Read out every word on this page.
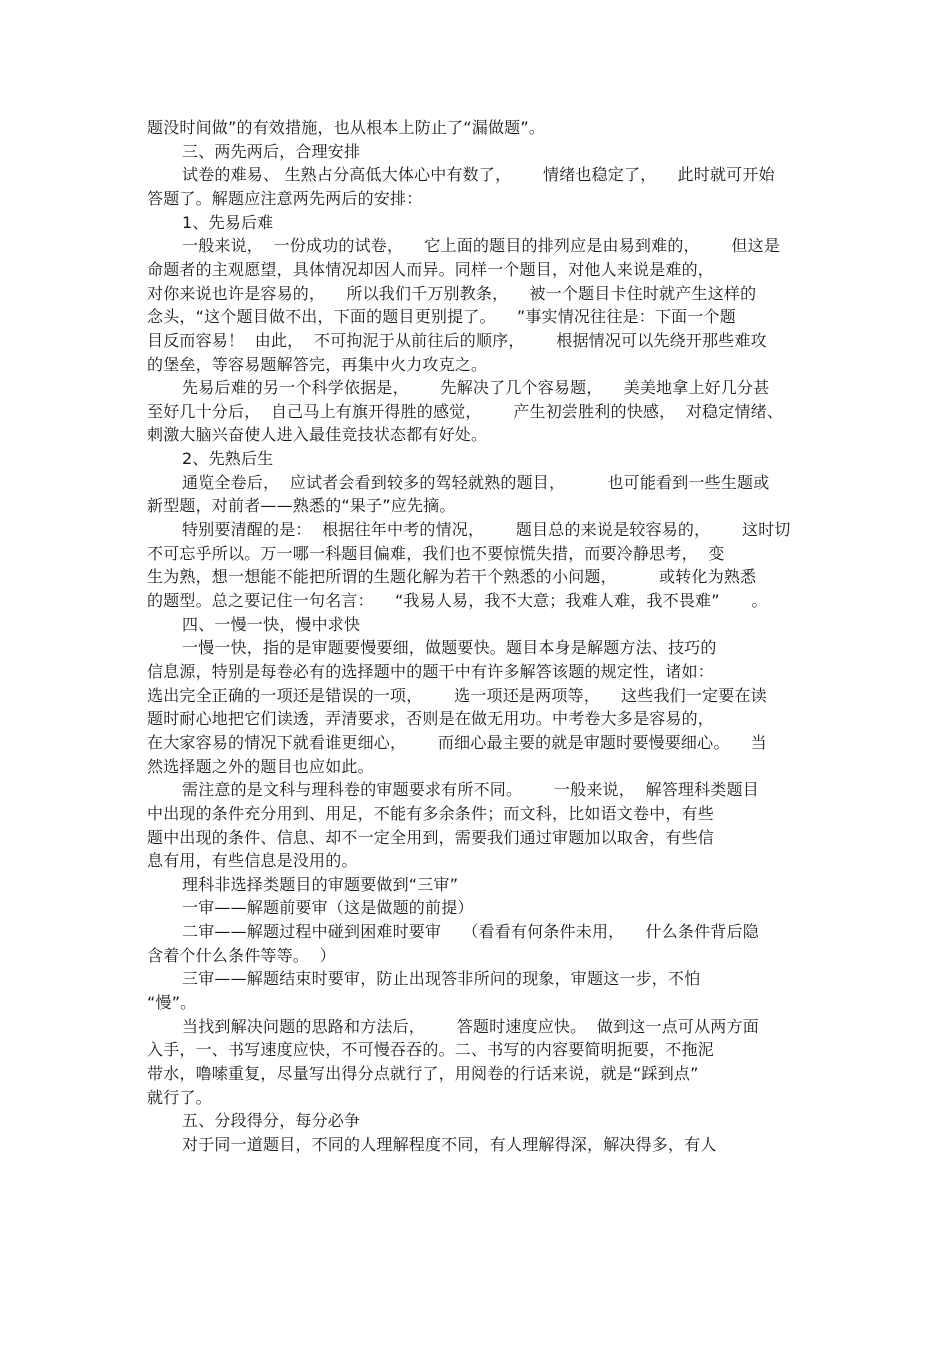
题没时间做”的有效措施，也从根本上防止了“漏做题”。
三、两先两后，合理安排
试卷的难易、 生熟占分高低大体心中有数了，      情绪也稳定了，    此时就可开始
答题了。解题应注意两先两后的安排：
1、先易后难
一般来说，  一份成功的试卷，    它上面的题目的排列应是由易到难的，      但这是
命题者的主观愿望，具体情况却因人而异。同样一个题目，对他人来说是难的，
对你来说也许是容易的，    所以我们千万别教条，    被一个题目卡住时就产生这样的
念头，“这个题目做不出，下面的题目更别提了。    ”事实情况往往是：下面一个题
目反而容易！  由此，  不可拘泥于从前往后的顺序，      根据情况可以先绕开那些难攻
的堡垒，等容易题解答完，再集中火力攻克之。
先易后难的另一个科学依据是，      先解决了几个容易题，    美美地拿上好几分甚
至好几十分后，  自己马上有旗开得胜的感觉，      产生初尝胜利的快感，  对稳定情绪、
刺激大脑兴奋使人进入最佳竞技状态都有好处。
2、先熟后生
通览全卷后，  应试者会看到较多的驾轻就熟的题目，        也可能看到一些生题或
新型题，对前者——熟悉的“果子”应先摘。
特别要清醒的是：  根据往年中考的情况，      题目总的来说是较容易的，      这时切
不可忘乎所以。万一哪一科题目偏难，我们也不要惊慌失措，而要冷静思考，  变
生为熟，想一想能不能把所谓的生题化解为若干个熟悉的小问题，        或转化为熟悉
的题型。总之要记住一句名言：    “我易人易，我不大意；我难人难，我不畏难”      。
四、一慢一快，慢中求快
一慢一快，指的是审题要慢要细，做题要快。题目本身是解题方法、技巧的
信息源，特别是每卷必有的选择题中的题干中有许多解答该题的规定性，诸如：
选出完全正确的一项还是错误的一项，      选一项还是两项等，    这些我们一定要在读
题时耐心地把它们读透，弄清要求，否则是在做无用功。中考卷大多是容易的，
在大家容易的情况下就看谁更细心，      而细心最主要的就是审题时要慢要细心。    当
然选择题之外的题目也应如此。
需注意的是文科与理科卷的审题要求有所不同。      一般来说，  解答理科类题目
中出现的条件充分用到、用足，不能有多余条件；而文科，比如语文卷中，有些
题中出现的条件、信息、却不一定全用到，需要我们通过审题加以取舍，有些信
息有用，有些信息是没用的。
理科非选择类题目的审题要做到“三审”
一审——解题前要审（这是做题的前提）
二审——解题过程中碰到困难时要审    （看看有何条件未用，    什么条件背后隐
含着个什么条件等等。  ）
三审——解题结束时要审，防止出现答非所问的现象，审题这一步，不怕
“慢”。
当找到解决问题的思路和方法后，      答题时速度应快。  做到这一点可从两方面
入手，一、书写速度应快，不可慢吞吞的。二、书写的内容要简明扼要，不拖泥
带水，噜嗦重复，尽量写出得分点就行了，用阅卷的行话来说，就是“踩到点”
就行了。
五、分段得分，每分必争
对于同一道题目，不同的人理解程度不同，有人理解得深，解决得多，有人
